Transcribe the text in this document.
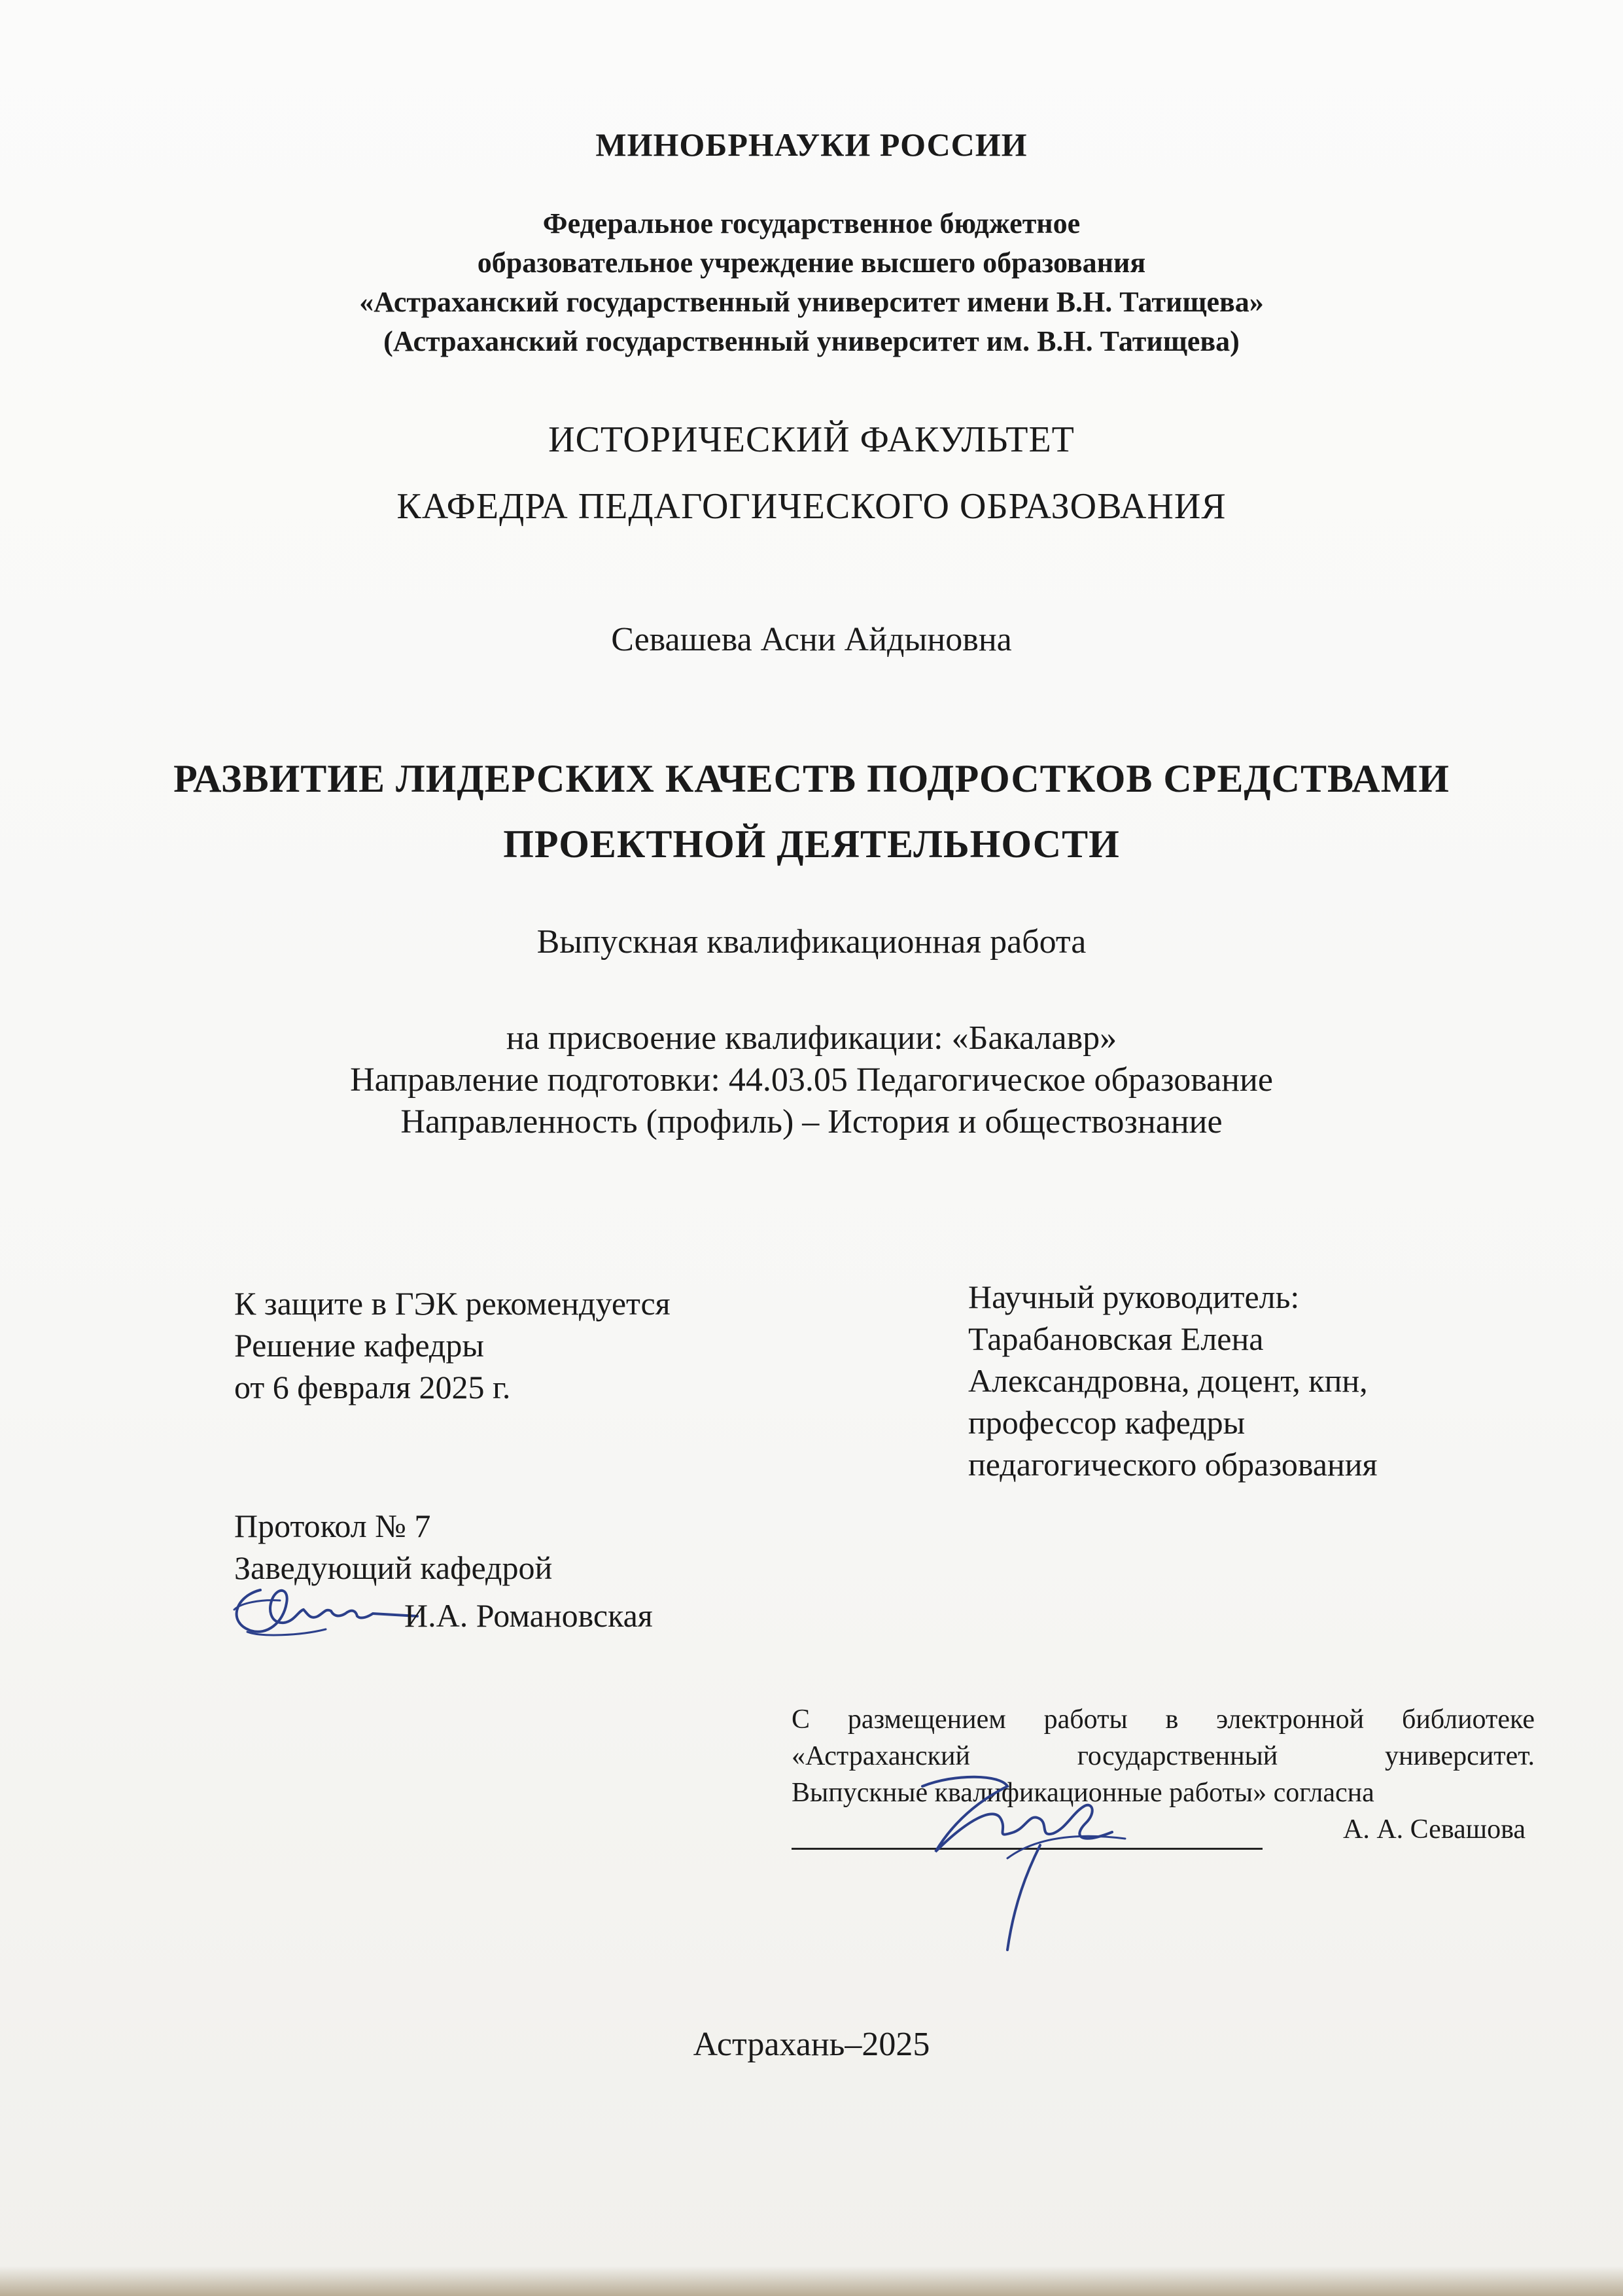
МИНОБРНАУКИ РОССИИ
Федеральное государственное бюджетное
образовательное учреждение высшего образования
«Астраханский государственный университет имени В.Н. Татищева»
(Астраханский государственный университет им. В.Н. Татищева)
ИСТОРИЧЕСКИЙ ФАКУЛЬТЕТ
КАФЕДРА ПЕДАГОГИЧЕСКОГО ОБРАЗОВАНИЯ
Севашева Асни Айдыновна
РАЗВИТИЕ ЛИДЕРСКИХ КАЧЕСТВ ПОДРОСТКОВ СРЕДСТВАМИ
ПРОЕКТНОЙ ДЕЯТЕЛЬНОСТИ
Выпускная квалификационная работа
на присвоение квалификации: «Бакалавр»
Направление подготовки: 44.03.05 Педагогическое образование
Направленность (профиль) – История и обществознание
К защите в ГЭК рекомендуется
Решение кафедры
от 6 февраля 2025 г.
Научный руководитель:
Тарабановская Елена
Александровна, доцент, кпн,
профессор кафедры
педагогического образования
Протокол № 7
Заведующий кафедрой
И.А. Романовская
С размещением работы в электронной библиотеке
«Астраханский государственный университет.
Выпускные квалификационные работы» согласна
А. А. Севашова
Астрахань–2025
